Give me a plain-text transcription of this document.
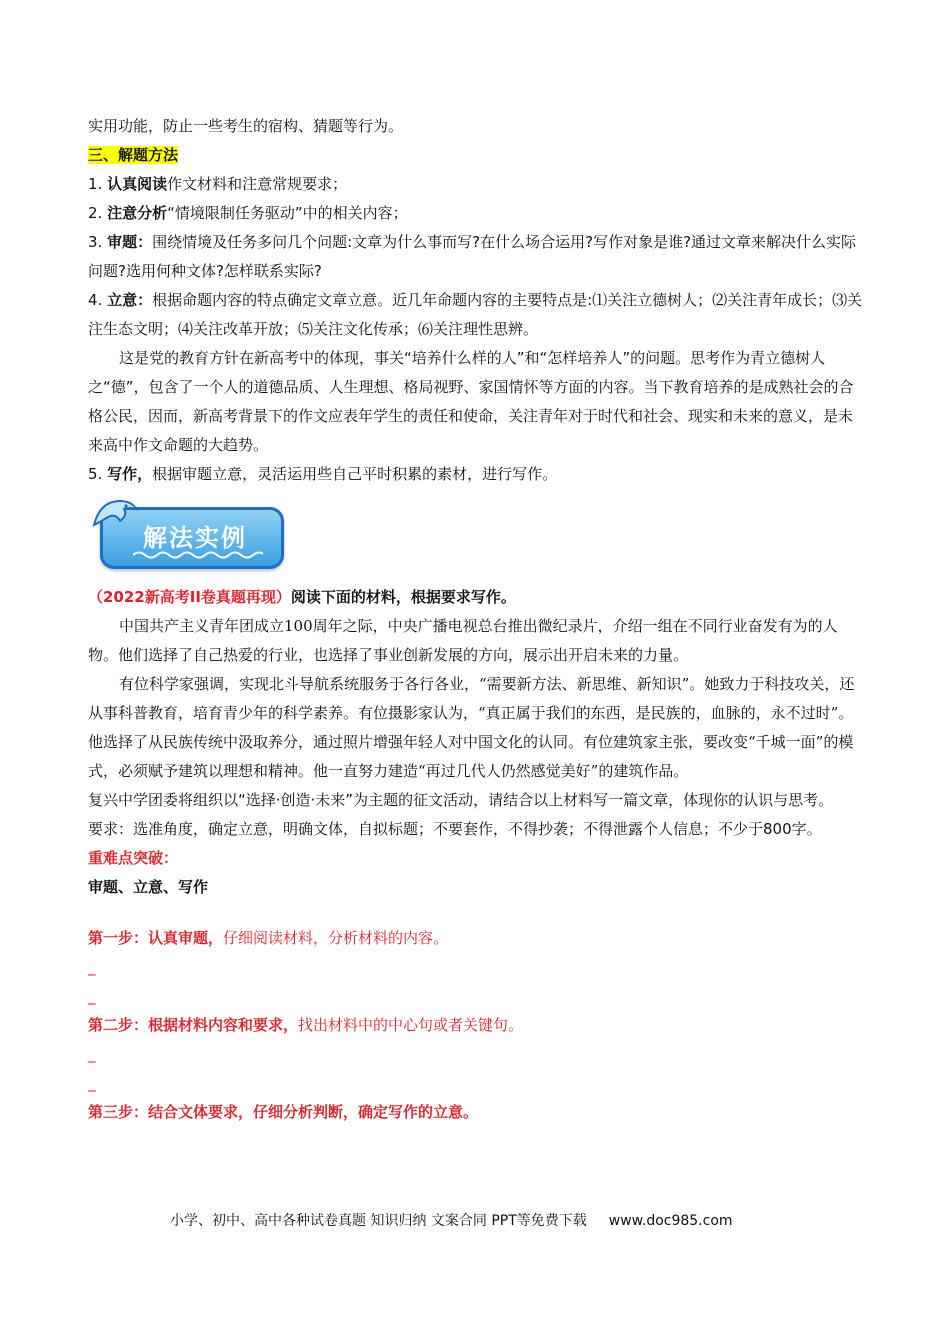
实用功能，防止一些考生的宿构、猜题等行为。
三、解题方法
1. 认真阅读作文材料和注意常规要求；
2. 注意分析“情境限制任务驱动”中的相关内容；
3. 审题：围绕情境及任务多问几个问题:文章为什么事而写?在什么场合运用?写作对象是谁?通过文章来解决什么实际问题?选用何种文体?怎样联系实际?
4. 立意：根据命题内容的特点确定文章立意。近几年命题内容的主要特点是:⑴关注立德树人；⑵关注青年成长；⑶关注生态文明；⑷关注改革开放；⑸关注文化传承；⑹关注理性思辨。
这是党的教育方针在新高考中的体现，事关“培养什么样的人”和“怎样培养人”的问题。思考作为青立德树人之“德”，包含了一个人的道德品质、人生理想、格局视野、家国情怀等方面的内容。当下教育培养的是成熟社会的合格公民，因而，新高考背景下的作文应表年学生的责任和使命，关注青年对于时代和社会、现实和未来的意义，是未来高中作文命题的大趋势。
5. 写作，根据审题立意，灵活运用些自己平时积累的素材，进行写作。
解法实例
（2022新高考II卷真题再现）阅读下面的材料，根据要求写作。
中国共产主义青年团成立100周年之际，中央广播电视总台推出微纪录片，介绍一组在不同行业奋发有为的人物。他们选择了自己热爱的行业，也选择了事业创新发展的方向，展示出开启未来的力量。
有位科学家强调，实现北斗导航系统服务于各行各业，“需要新方法、新思维、新知识”。她致力于科技攻关，还从事科普教育，培育青少年的科学素养。有位摄影家认为，“真正属于我们的东西，是民族的，血脉的，永不过时”。他选择了从民族传统中汲取养分，通过照片增强年轻人对中国文化的认同。有位建筑家主张，要改变“千城一面”的模式，必须赋予建筑以理想和精神。他一直努力建造“再过几代人仍然感觉美好”的建筑作品。
复兴中学团委将组织以“选择·创造·未来”为主题的征文活动，请结合以上材料写一篇文章，体现你的认识与思考。
要求：选准角度，确定立意，明确文体，自拟标题；不要套作，不得抄袭；不得泄露个人信息；不少于800字。
重难点突破：
审题、立意、写作
第一步：认真审题，仔细阅读材料，分析材料的内容。
_
_
第二步：根据材料内容和要求，找出材料中的中心句或者关键句。
_
_
第三步：结合文体要求，仔细分析判断，确定写作的立意。
小学、初中、高中各种试卷真题 知识归纳 文案合同 PPT等免费下载 www.doc985.com
